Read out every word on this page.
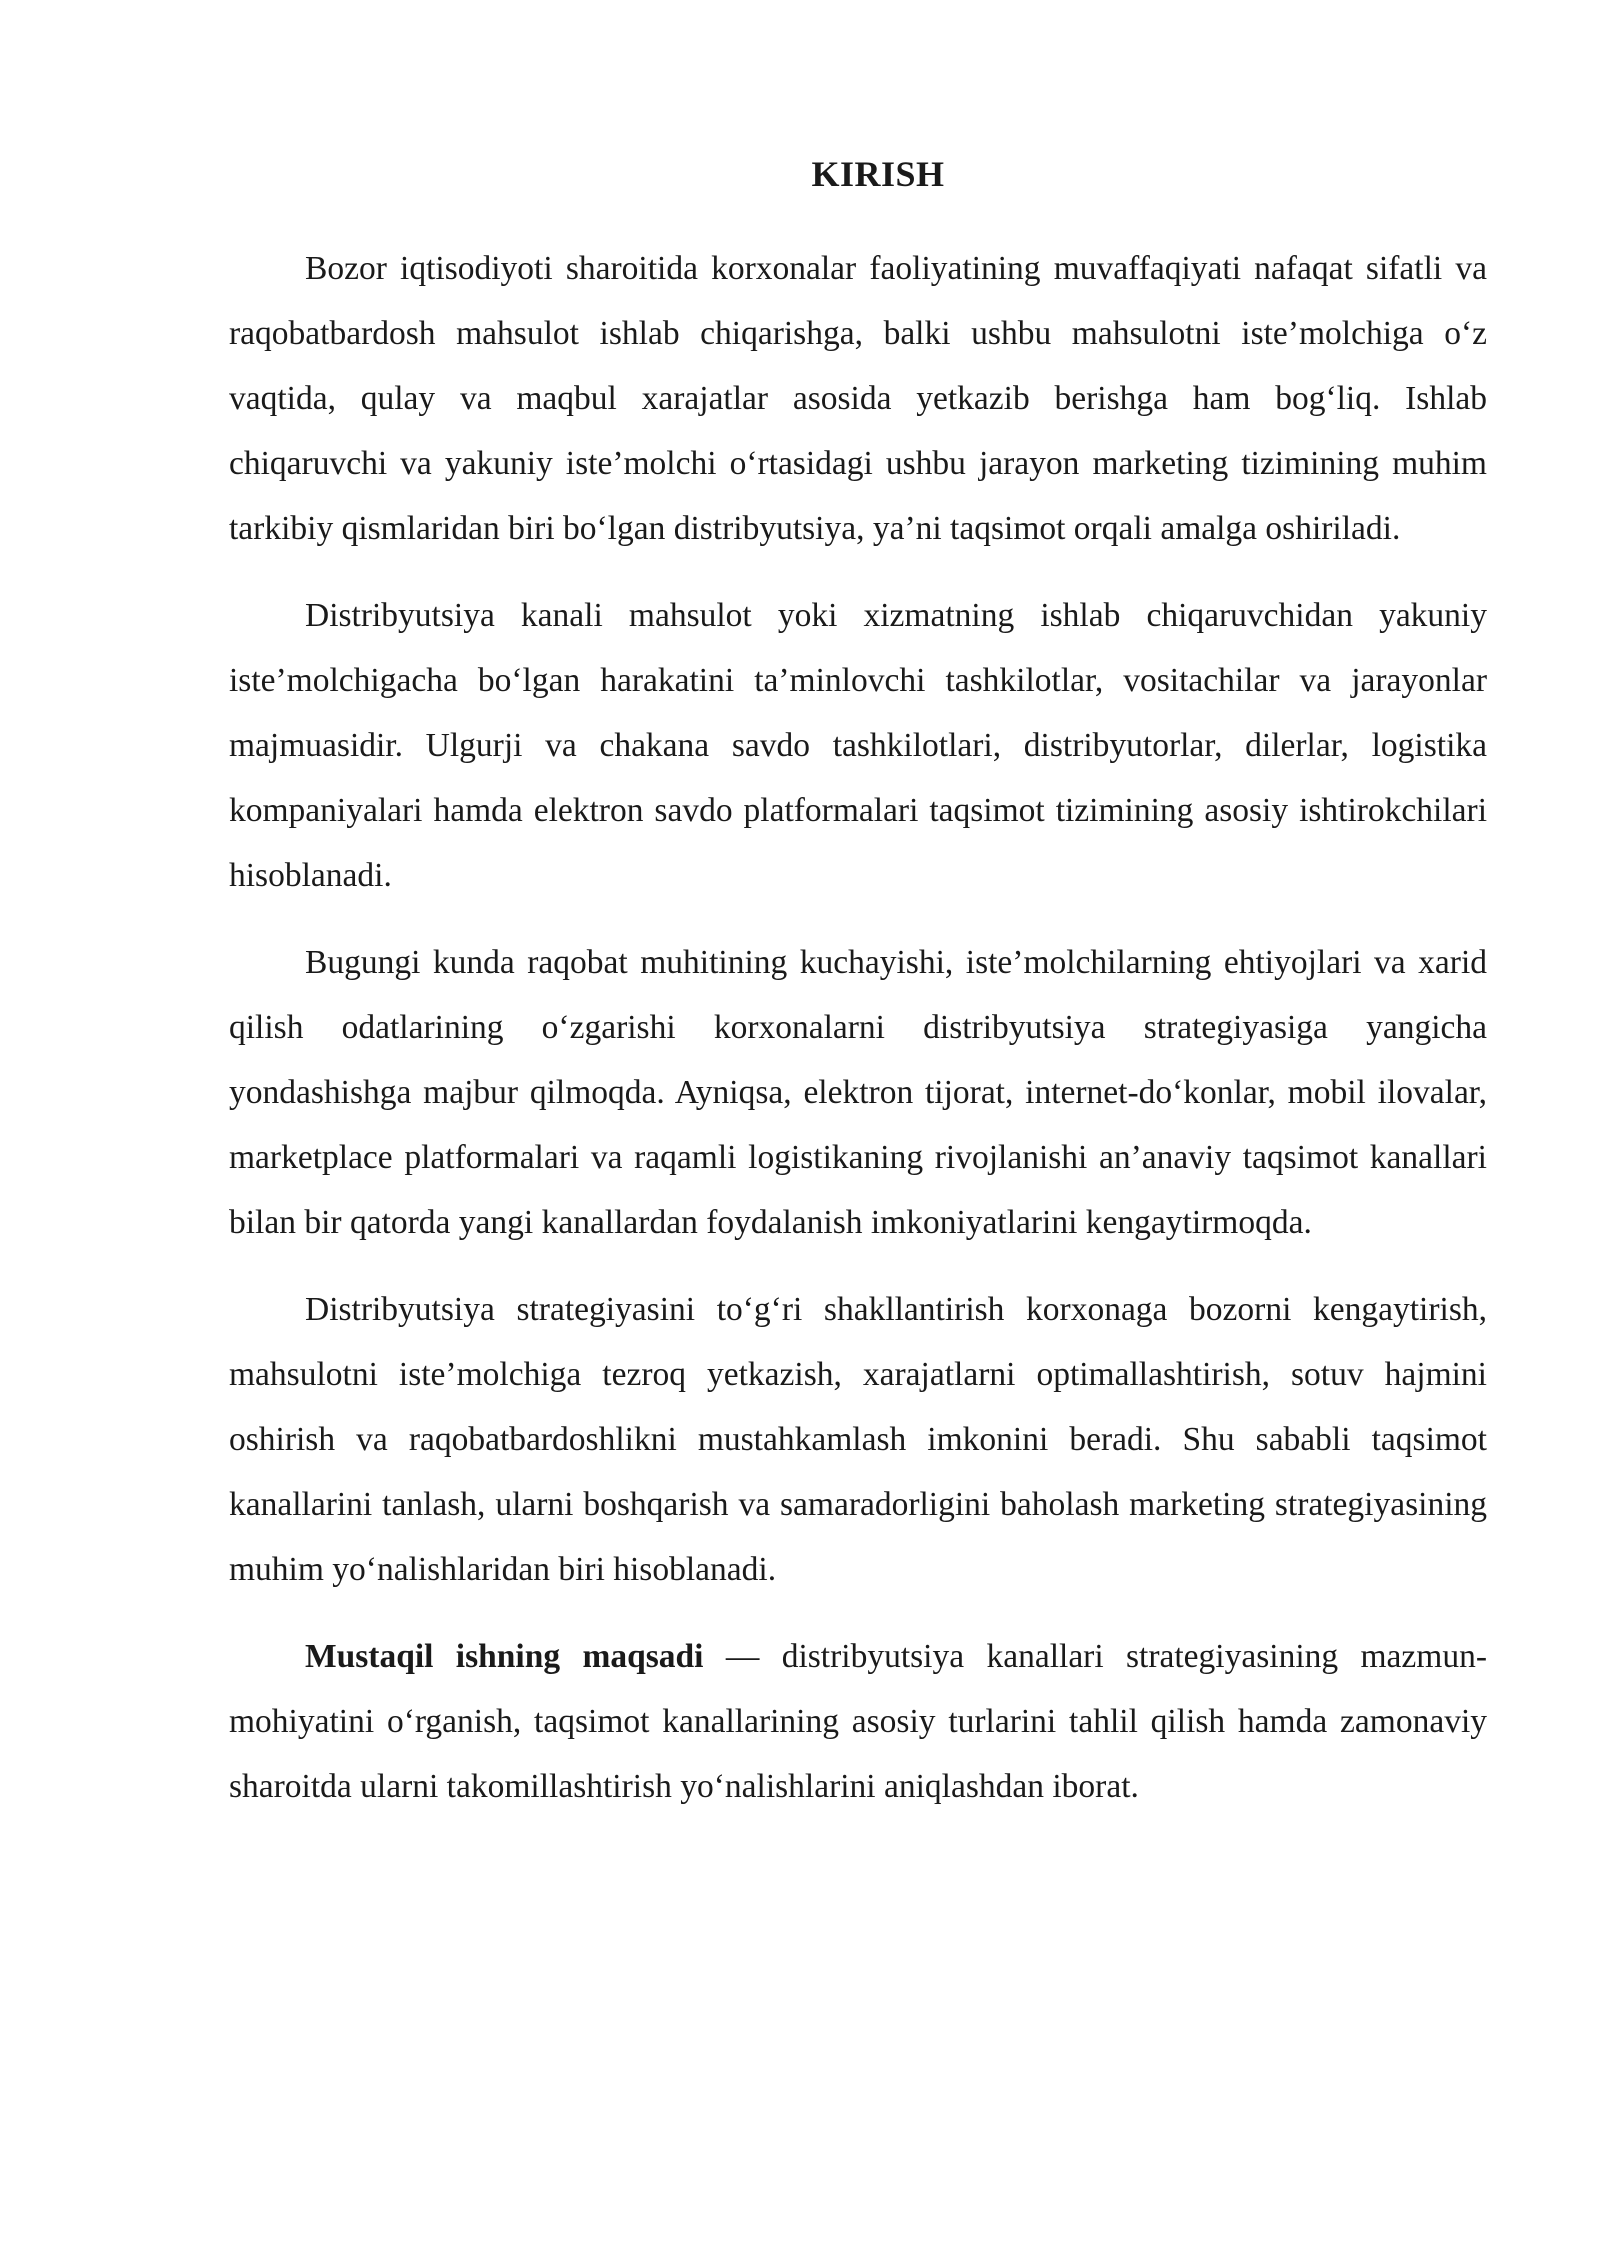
KIRISH

Bozor iqtisodiyoti sharoitida korxonalar faoliyatining muvaffaqiyati nafaqat sifatli va raqobatbardosh mahsulot ishlab chiqarishga, balki ushbu mahsulotni iste’molchiga o‘z vaqtida, qulay va maqbul xarajatlar asosida yetkazib berishga ham bog‘liq. Ishlab chiqaruvchi va yakuniy iste’molchi o‘rtasidagi ushbu jarayon marketing tizimining muhim tarkibiy qismlaridan biri bo‘lgan distribyutsiya, ya’ni taqsimot orqali amalga oshiriladi.

Distribyutsiya kanali mahsulot yoki xizmatning ishlab chiqaruvchidan yakuniy iste’molchigacha bo‘lgan harakatini ta’minlovchi tashkilotlar, vositachilar va jarayonlar majmuasidir. Ulgurji va chakana savdo tashkilotlari, distribyutorlar, dilerlar, logistika kompaniyalari hamda elektron savdo platformalari taqsimot tizimining asosiy ishtirokchilari hisoblanadi.

Bugungi kunda raqobat muhitining kuchayishi, iste’molchilarning ehtiyojlari va xarid qilish odatlarining o‘zgarishi korxonalarni distribyutsiya strategiyasiga yangicha yondashishga majbur qilmoqda. Ayniqsa, elektron tijorat, internet-do‘konlar, mobil ilovalar, marketplace platformalari va raqamli logistikaning rivojlanishi an’anaviy taqsimot kanallari bilan bir qatorda yangi kanallardan foydalanish imkoniyatlarini kengaytirmoqda.

Distribyutsiya strategiyasini to‘g‘ri shakllantirish korxonaga bozorni kengaytirish, mahsulotni iste’molchiga tezroq yetkazish, xarajatlarni optimallashtirish, sotuv hajmini oshirish va raqobatbardoshlikni mustahkamlash imkonini beradi. Shu sababli taqsimot kanallarini tanlash, ularni boshqarish va samaradorligini baholash marketing strategiyasining muhim yo‘nalishlaridan biri hisoblanadi.

Mustaqil ishning maqsadi — distribyutsiya kanallari strategiyasining mazmun-mohiyatini o‘rganish, taqsimot kanallarining asosiy turlarini tahlil qilish hamda zamonaviy sharoitda ularni takomillashtirish yo‘nalishlarini aniqlashdan iborat.
